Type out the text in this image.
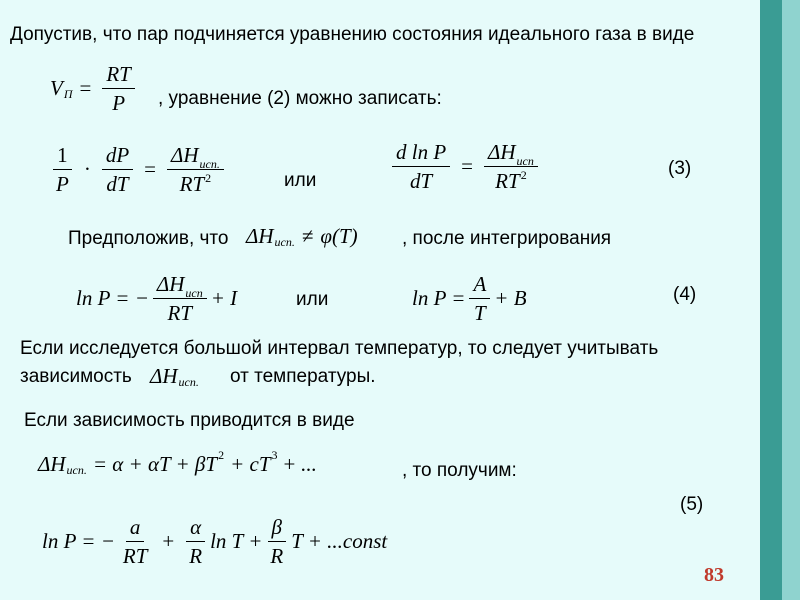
Допустив, что пар подчиняется уравнению состояния идеального газа в виде
V $П = \frac{RT}{P}$ , уравнение (2) можно записать:
$\frac{1}{P} \cdot \frac{dP}{dT} = \frac{\Delta H_{исп.}}{RT^2}$	или	$\frac{\text{d ln P}}{dT} = \frac{\Delta H_{исп}}{RT^2}$	(3)
Предположив, что ΔH исп. ≠ φ(T) , после интегрирования
ln P = − $\frac{\Delta H_{исп}}{RT} + I$	или	$\ln P = \frac{A}{T} + B$	(4)
Если исследуется большой интервал температур, то следует учитывать
зависимость ΔH исп. от температуры.
Если зависимость приводится в виде
ΔH исп. = α + αT + βT 2 + cT 3 + ...	, то получим:
(5)
ln P = − $\frac{a}{RT} + \frac{\alpha}{R}$ $\ln T + \frac{\beta}{R}$ T + ...const
83
